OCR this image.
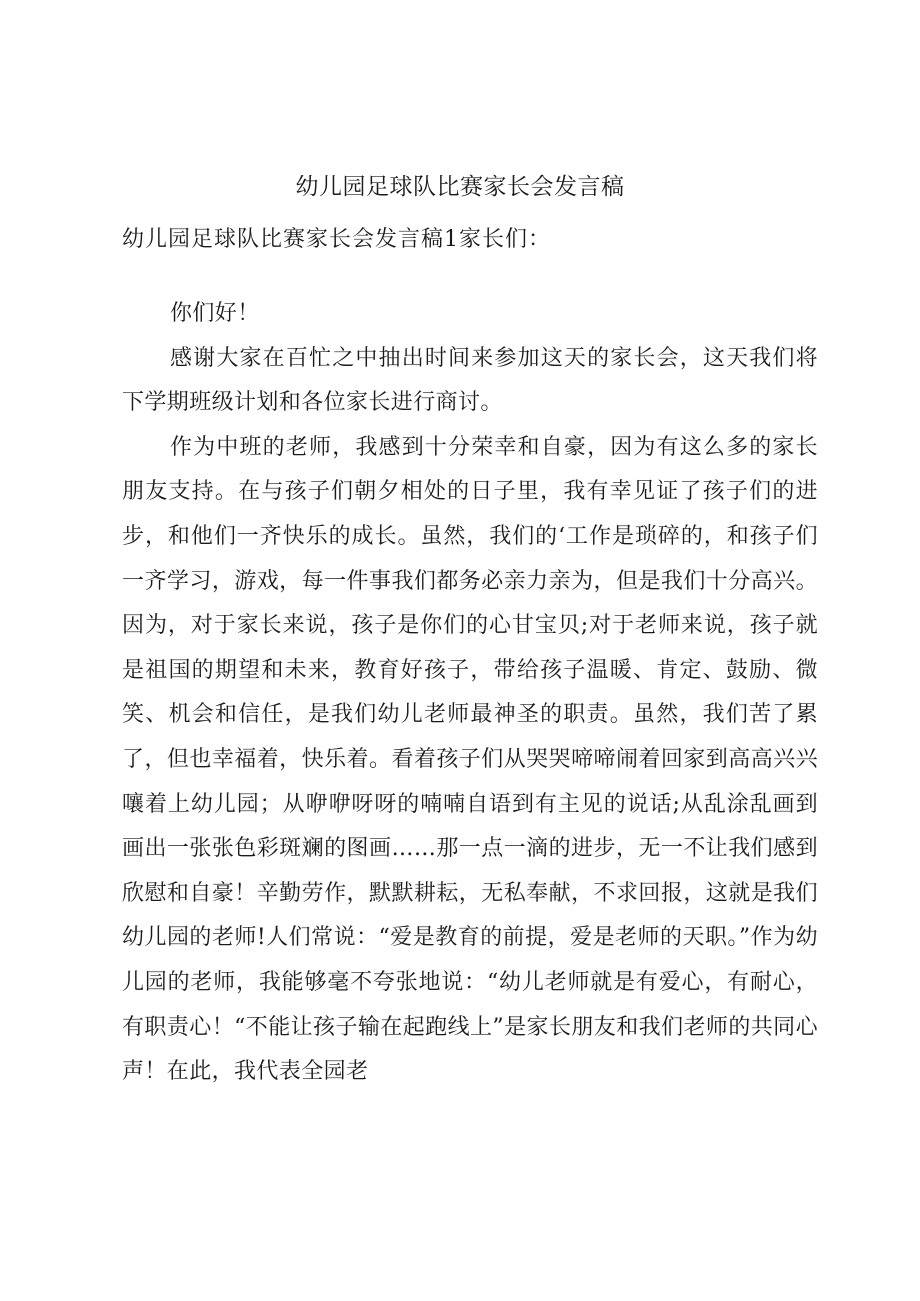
幼儿园足球队比赛家长会发言稿

幼儿园足球队比赛家长会发言稿1家长们：

你们好！

感谢大家在百忙之中抽出时间来参加这天的家长会，这天我们将下学期班级计划和各位家长进行商讨。

作为中班的老师，我感到十分荣幸和自豪，因为有这么多的家长朋友支持。在与孩子们朝夕相处的日子里，我有幸见证了孩子们的进步，和他们一齐快乐的成长。虽然，我们的‘工作是琐碎的，和孩子们一齐学习，游戏，每一件事我们都务必亲力亲为，但是我们十分高兴。因为，对于家长来说，孩子是你们的心甘宝贝;对于老师来说，孩子就是祖国的期望和未来，教育好孩子，带给孩子温暖、肯定、鼓励、微笑、机会和信任，是我们幼儿老师最神圣的职责。虽然，我们苦了累了，但也幸福着，快乐着。看着孩子们从哭哭啼啼闹着回家到高高兴兴嚷着上幼儿园；从咿咿呀呀的喃喃自语到有主见的说话;从乱涂乱画到画出一张张色彩斑斓的图画……那一点一滴的进步，无一不让我们感到欣慰和自豪！辛勤劳作，默默耕耘，无私奉献，不求回报，这就是我们幼儿园的老师!人们常说：“爱是教育的前提，爱是老师的天职。”作为幼儿园的老师，我能够毫不夸张地说：“幼儿老师就是有爱心，有耐心，有职责心！“不能让孩子输在起跑线上”是家长朋友和我们老师的共同心声！在此，我代表全园老
